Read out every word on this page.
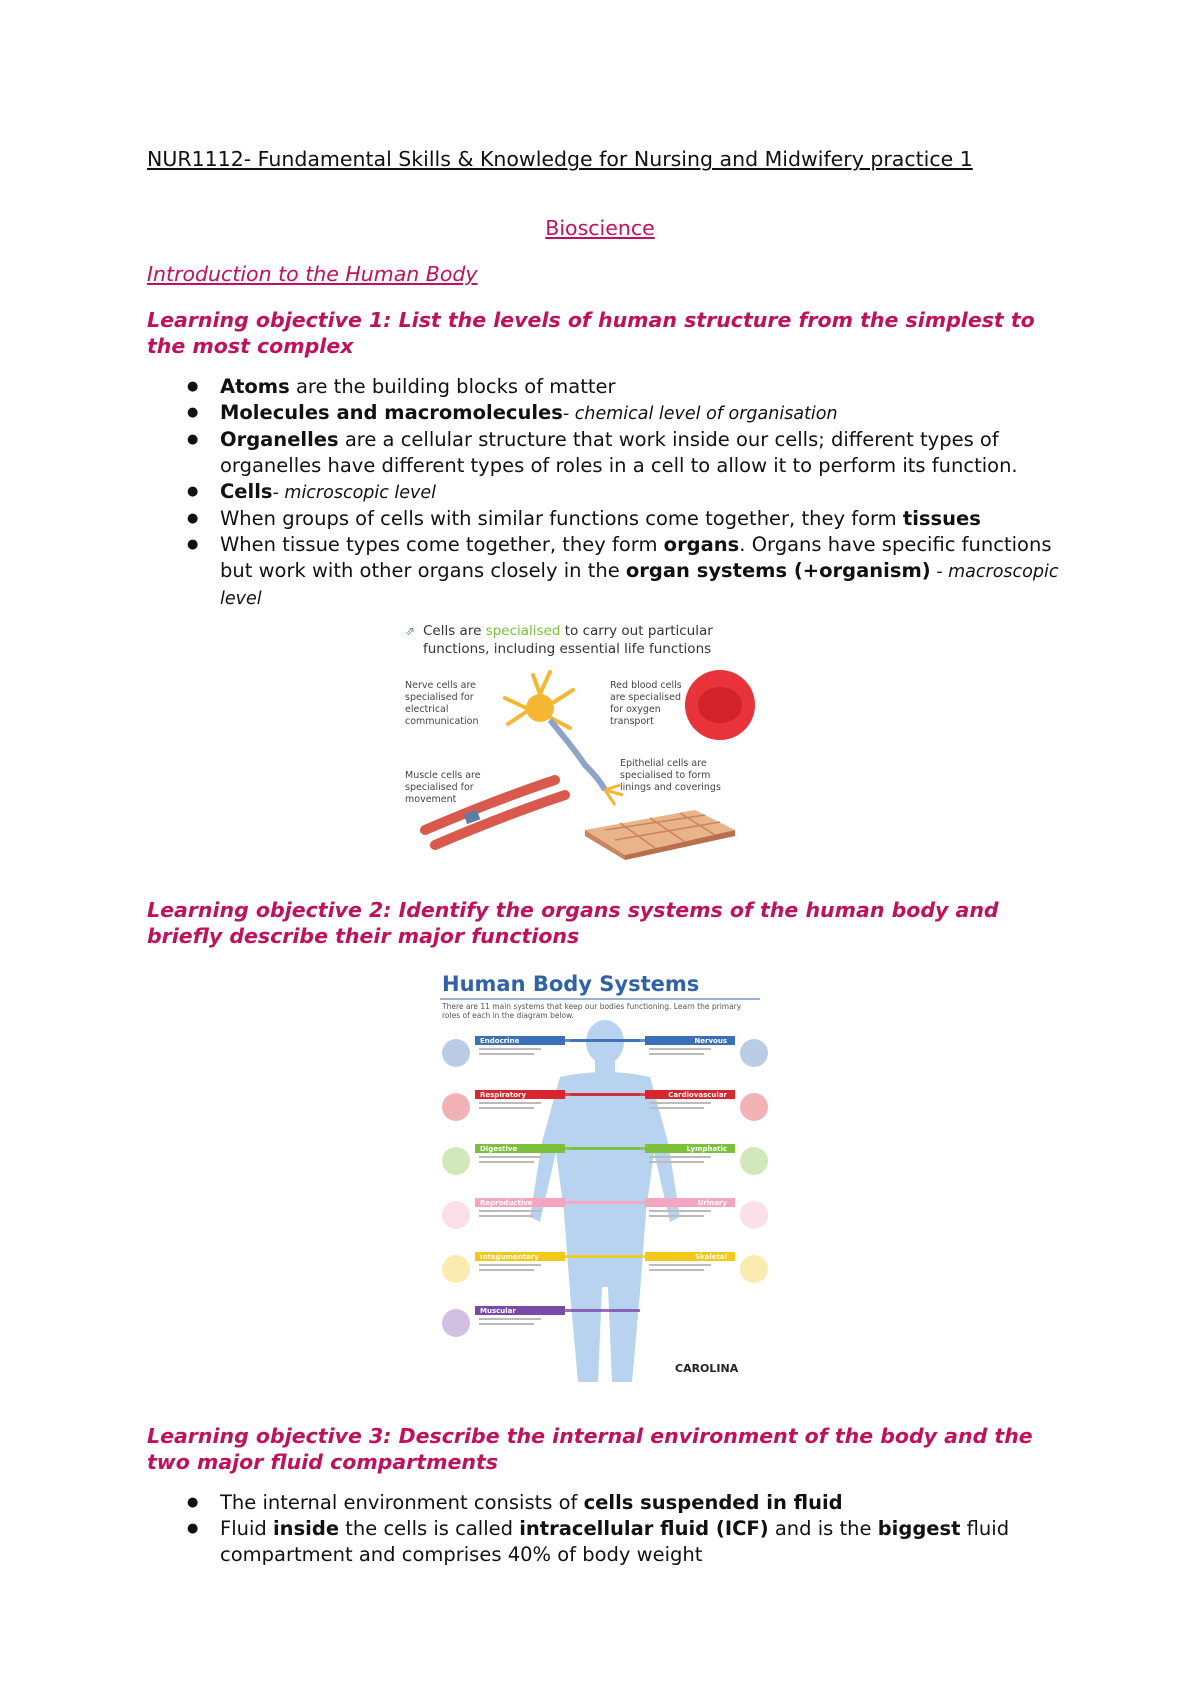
NUR1112- Fundamental Skills & Knowledge for Nursing and Midwifery practice 1
Bioscience
Introduction to the Human Body
Learning objective 1: List the levels of human structure from the simplest to the most complex
● Atoms are the building blocks of matter
● Molecules and macromolecules- chemical level of organisation
● Organelles are a cellular structure that work inside our cells; different types of organelles have different types of roles in a cell to allow it to perform its function.
● Cells- microscopic level
● When groups of cells with similar functions come together, they form tissues
● When tissue types come together, they form organs. Organs have specific functions but work with other organs closely in the organ systems (+organism) - macroscopic level
⇗ Cells are specialised to carry out particular functions, including essential life functions
Nerve cells are specialised for electrical communication
Red blood cells are specialised for oxygen transport
Muscle cells are specialised for movement
Epithelial cells are specialised to form linings and coverings
Learning objective 2: Identify the organs systems of the human body and briefly describe their major functions
Human Body Systems
There are 11 main systems that keep our bodies functioning. Learn the primary roles of each in the diagram below.
Endocrine
Respiratory
Digestive
Reproductive
Integumentary
Muscular
Nervous
Cardiovascular
Lymphatic
Urinary
Skeletal
CAROLINA
Learning objective 3: Describe the internal environment of the body and the two major fluid compartments
● The internal environment consists of cells suspended in fluid
● Fluid inside the cells is called intracellular fluid (ICF) and is the biggest fluid compartment and comprises 40% of body weight
